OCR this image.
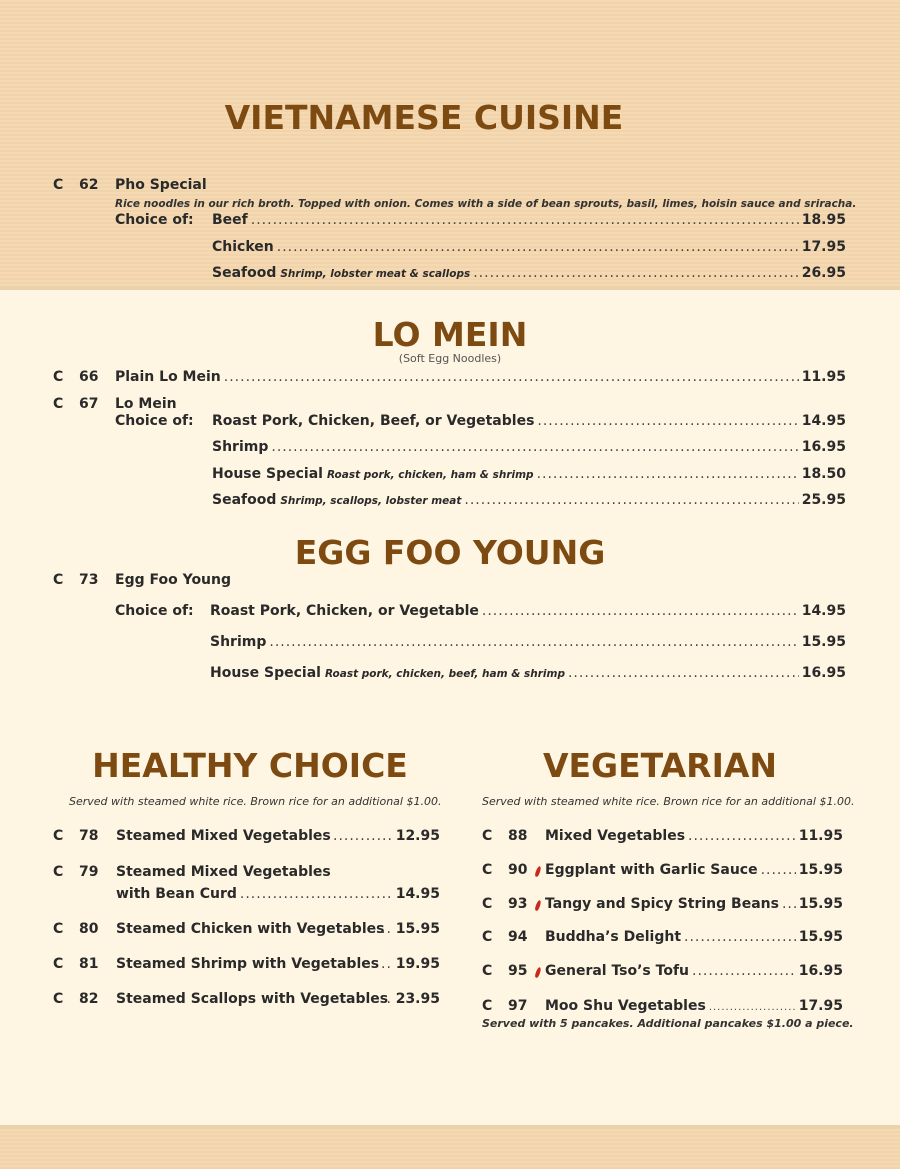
VIETNAMESE CUISINE
C 62 Pho Special
Rice noodles in our rich broth. Topped with onion. Comes with a side of bean sprouts, basil, limes, hoisin sauce and sriracha.
Choice of: Beef .....	18.95
Chicken .....	17.95
Seafood Shrimp, lobster meat & scallops .....	26.95
LO MEIN
(Soft Egg Noodles)
C 66 Plain Lo Mein .....	11.95
C 67 Lo Mein
Choice of: Roast Pork, Chicken, Beef, or Vegetables .....	14.95
Shrimp .....	16.95
House Special Roast pork, chicken, ham & shrimp .....	18.50
Seafood Shrimp, scallops, lobster meat .....	25.95
EGG FOO YOUNG
C 73 Egg Foo Young
Choice of: Roast Pork, Chicken, or Vegetable .....	14.95
Shrimp .....	15.95
House Special Roast pork, chicken, beef, ham & shrimp .....	16.95
HEALTHY CHOICE
Served with steamed white rice. Brown rice for an additional $1.00.
C 78 Steamed Mixed Vegetables .....	12.95
C 79 Steamed Mixed Vegetables
with Bean Curd .....	14.95
C 80 Steamed Chicken with Vegetables ..... 15.95
C 81 Steamed Shrimp with Vegetables ..... 19.95
C 82 Steamed Scallops with Vegetables ..... 23.95
VEGETARIAN
Served with steamed white rice. Brown rice for an additional $1.00.
C 88 Mixed Vegetables .....	11.95
C 90 Eggplant with Garlic Sauce .....	15.95
C 93 Tangy and Spicy String Beans ..... 15.95
C 94 Buddha’s Delight .....	15.95
C 95 General Tso’s Tofu .....	16.95
C 97 Moo Shu Vegetables .....	17.95
Served with 5 pancakes. Additional pancakes $1.00 a piece.
